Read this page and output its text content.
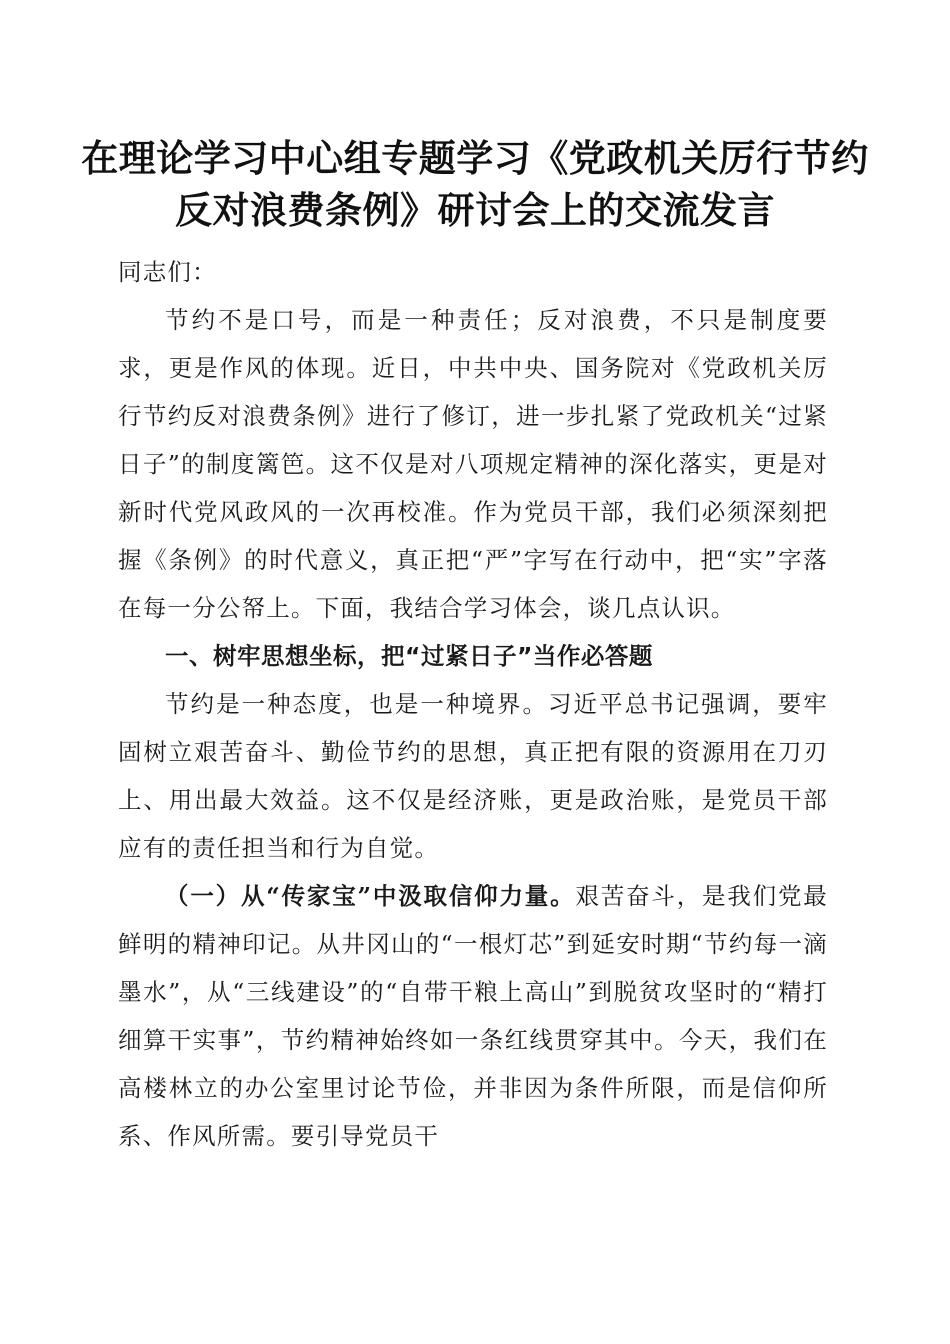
在理论学习中心组专题学习《党政机关厉行节约反对浪费条例》研讨会上的交流发言

同志们：

节约不是口号，而是一种责任；反对浪费，不只是制度要求，更是作风的体现。近日，中共中央、国务院对《党政机关厉行节约反对浪费条例》进行了修订，进一步扎紧了党政机关“过紧日子”的制度篱笆。这不仅是对八项规定精神的深化落实，更是对新时代党风政风的一次再校准。作为党员干部，我们必须深刻把握《条例》的时代意义，真正把“严”字写在行动中，把“实”字落在每一分公帑上。下面，我结合学习体会，谈几点认识。

一、树牢思想坐标，把“过紧日子”当作必答题

节约是一种态度，也是一种境界。习近平总书记强调，要牢固树立艰苦奋斗、勤俭节约的思想，真正把有限的资源用在刀刃上、用出最大效益。这不仅是经济账，更是政治账，是党员干部应有的责任担当和行为自觉。

（一）从“传家宝”中汲取信仰力量。艰苦奋斗，是我们党最鲜明的精神印记。从井冈山的“一根灯芯”到延安时期“节约每一滴墨水”，从“三线建设”的“自带干粮上高山”到脱贫攻坚时的“精打细算干实事”，节约精神始终如一条红线贯穿其中。今天，我们在高楼林立的办公室里讨论节俭，并非因为条件所限，而是信仰所系、作风所需。要引导党员干
